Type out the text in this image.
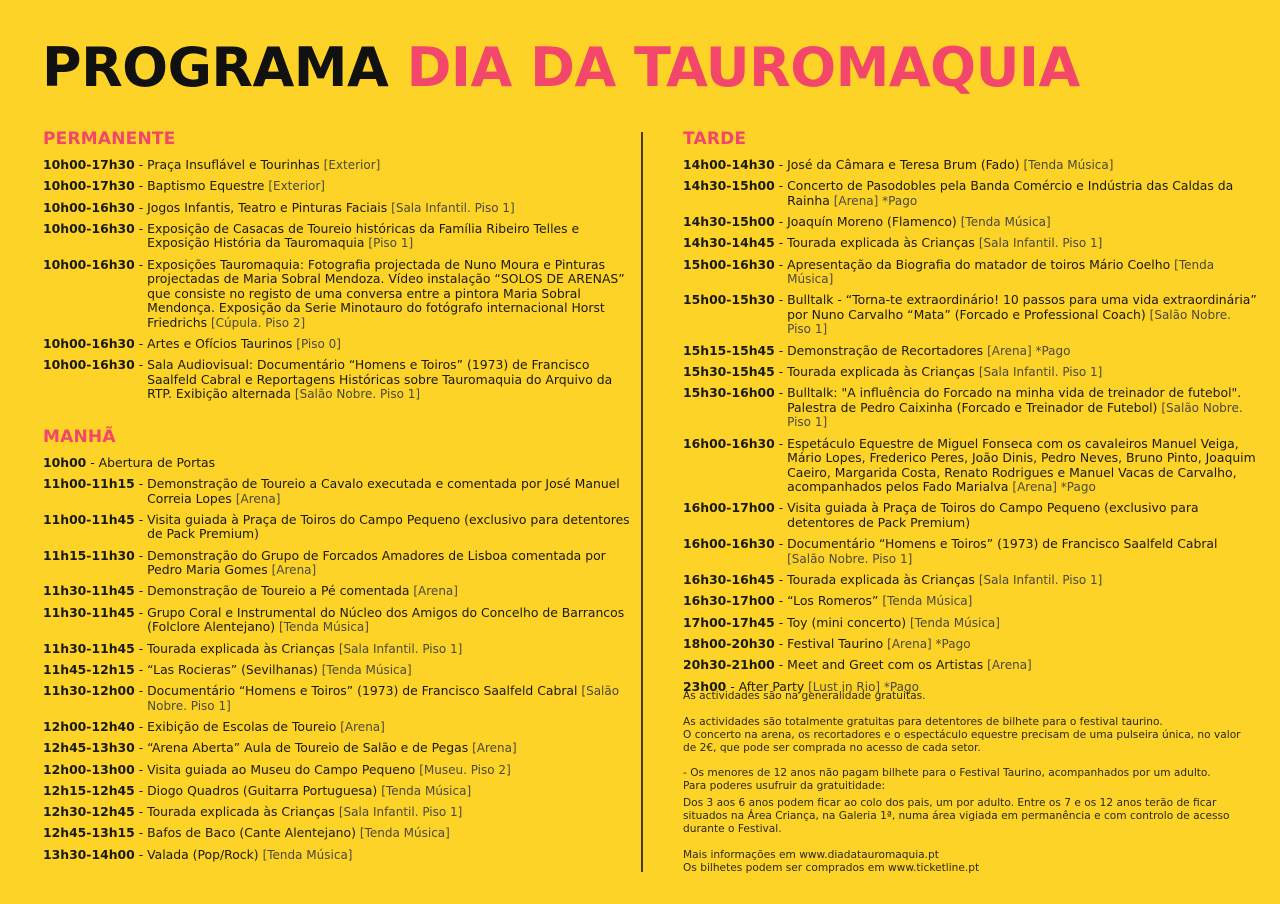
PROGRAMA DIA DA TAUROMAQUIA
PERMANENTE
10h00-17h30 - Praça Insuflável e Tourinhas [Exterior]
10h00-17h30 - Baptismo Equestre [Exterior]
10h00-16h30 - Jogos Infantis, Teatro e Pinturas Faciais [Sala Infantil. Piso 1]
10h00-16h30 - Exposição de Casacas de Toureio históricas da Família Ribeiro Telles e Exposição História da Tauromaquia [Piso 1]
10h00-16h30 - Exposições Tauromaquia: Fotografia projectada de Nuno Moura e Pinturas projectadas de Maria Sobral Mendoza. Vídeo instalação “SOLOS DE ARENAS” que consiste no registo de uma conversa entre a pintora Maria Sobral Mendonça. Exposição da Serie Minotauro do fotógrafo internacional Horst Friedrichs [Cúpula. Piso 2]
10h00-16h30 - Artes e Ofícios Taurinos [Piso 0]
10h00-16h30 - Sala Audiovisual: Documentário “Homens e Toiros” (1973) de Francisco Saalfeld Cabral e Reportagens Históricas sobre Tauromaquia do Arquivo da RTP. Exibição alternada [Salão Nobre. Piso 1]
MANHÃ
10h00 - Abertura de Portas
11h00-11h15 - Demonstração de Toureio a Cavalo executada e comentada por José Manuel Correia Lopes [Arena]
11h00-11h45 - Visita guiada à Praça de Toiros do Campo Pequeno (exclusivo para detentores de Pack Premium)
11h15-11h30 - Demonstração do Grupo de Forcados Amadores de Lisboa comentada por Pedro Maria Gomes [Arena]
11h30-11h45 - Demonstração de Toureio a Pé comentada [Arena]
11h30-11h45 - Grupo Coral e Instrumental do Núcleo dos Amigos do Concelho de Barrancos (Folclore Alentejano) [Tenda Música]
11h30-11h45 - Tourada explicada às Crianças [Sala Infantil. Piso 1]
11h45-12h15 - “Las Rocieras” (Sevilhanas) [Tenda Música]
11h30-12h00 - Documentário “Homens e Toiros” (1973) de Francisco Saalfeld Cabral [Salão Nobre. Piso 1]
12h00-12h40 - Exibição de Escolas de Toureio [Arena]
12h45-13h30 - “Arena Aberta” Aula de Toureio de Salão e de Pegas [Arena]
12h00-13h00 - Visita guiada ao Museu do Campo Pequeno [Museu. Piso 2]
12h15-12h45 - Diogo Quadros (Guitarra Portuguesa) [Tenda Música]
12h30-12h45 - Tourada explicada às Crianças [Sala Infantil. Piso 1]
12h45-13h15 - Bafos de Baco (Cante Alentejano) [Tenda Música]
13h30-14h00 - Valada (Pop/Rock) [Tenda Música]
TARDE
14h00-14h30 - José da Câmara e Teresa Brum (Fado) [Tenda Música]
14h30-15h00 - Concerto de Pasodobles pela Banda Comércio e Indústria das Caldas da Rainha [Arena] *Pago
14h30-15h00 - Joaquín Moreno (Flamenco) [Tenda Música]
14h30-14h45 - Tourada explicada às Crianças [Sala Infantil. Piso 1]
15h00-16h30 - Apresentação da Biografia do matador de toiros Mário Coelho [Tenda Música]
15h00-15h30 - Bulltalk - “Torna-te extraordinário! 10 passos para uma vida extraordinária” por Nuno Carvalho “Mata” (Forcado e Professional Coach) [Salão Nobre. Piso 1]
15h15-15h45 - Demonstração de Recortadores [Arena] *Pago
15h30-15h45 - Tourada explicada às Crianças [Sala Infantil. Piso 1]
15h30-16h00 - Bulltalk: "A influência do Forcado na minha vida de treinador de futebol". Palestra de Pedro Caixinha (Forcado e Treinador de Futebol) [Salão Nobre. Piso 1]
16h00-16h30 - Espetáculo Equestre de Miguel Fonseca com os cavaleiros Manuel Veiga, Mário Lopes, Frederico Peres, João Dinis, Pedro Neves, Bruno Pinto, Joaquim Caeiro, Margarida Costa, Renato Rodrigues e Manuel Vacas de Carvalho, acompanhados pelos Fado Marialva [Arena] *Pago
16h00-17h00 - Visita guiada à Praça de Toiros do Campo Pequeno (exclusivo para detentores de Pack Premium)
16h00-16h30 - Documentário “Homens e Toiros” (1973) de Francisco Saalfeld Cabral [Salão Nobre. Piso 1]
16h30-16h45 - Tourada explicada às Crianças [Sala Infantil. Piso 1]
16h30-17h00 - “Los Romeros” [Tenda Música]
17h00-17h45 - Toy (mini concerto) [Tenda Música]
18h00-20h30 - Festival Taurino [Arena] *Pago
20h30-21h00 - Meet and Greet com os Artistas [Arena]
23h00 - After Party [Lust in Rio] *Pago

As actividades são na generalidade gratuitas.

As actividades são totalmente gratuitas para detentores de bilhete para o festival taurino.
O concerto na arena, os recortadores e o espectáculo equestre precisam de uma pulseira única, no valor de 2€, que pode ser comprada no acesso de cada setor.

- Os menores de 12 anos não pagam bilhete para o Festival Taurino, acompanhados por um adulto.
Para poderes usufruir da gratuitidade:

Dos 3 aos 6 anos podem ficar ao colo dos pais, um por adulto. Entre os 7 e os 12 anos terão de ficar situados na Área Criança, na Galeria 1ª, numa área vigiada em permanência e com controlo de acesso durante o Festival.

Mais informações em www.diadatauromaquia.pt
Os bilhetes podem ser comprados em www.ticketline.pt
